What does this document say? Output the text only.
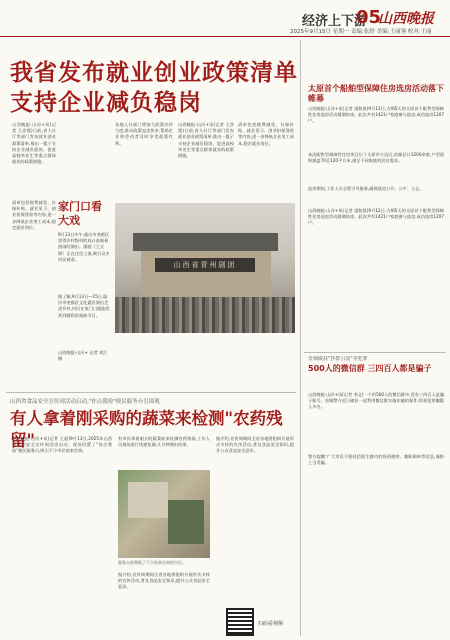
经济上下游
05
山西晚报
2025年9月15日 星期一 责编:张婷 美编:王丽翎 校对:王丽
我省发布就业创业政策清单
支持企业减负稳岗
山西晚报·山河+讯(记者 王彦霞)日前,省人社厅等部门发布就业创业政策清单,推出一揽子支持企业减负稳岗、促进高校毕业生等重点群体就业的政策措施。
清单包括税费减免、社保补贴、就业见习、创业担保贷款等内容,进一步降低企业用工成本,稳定就业岗位。
各地人社部门将加大政策宣传力度,推动政策直达快享,帮助企业和劳动者及时享受政策红利。
山西晚报·山河+讯(记者 王彦霞)日前,省人社厅等部门发布就业创业政策清单,推出一揽子支持企业减负稳岗、促进高校毕业生等重点群体就业的政策措施。
清单包括税费减免、社保补贴、就业见习、创业担保贷款等内容,进一步降低企业用工成本,稳定就业岗位。
家门口看大戏
9月13日中午,临汾市尧都区贾得乡村级村的戏台前观看热闹的演出。蒲剧《王宝钏》正在这里上演,吸引众多村民观看。
据了解,9月13日—15日,临汾市尧都区文化惠民演出走进乡村,村民在家门口就能欣赏到精彩的戏曲节目。
山西晚报·山河+ 记者 刘江摄
山西省青州剧团
太原首个船舶型保障住房选房活动落下帷幕
山西晚报·山河+讯(记者 梁如凯)9月12日,为期5天的太原首个配售型保障性住房选房活动圆满结束。此次共有1421户家庭参与选房,成功选房1207户。
本次配售型保障性住房项目位于太原市小店区,房源总计1200余套,户型面积涵盖70至120平方米,满足不同家庭的居住需求。
选房期间,工作人员全程引导服务,确保选房公开、公平、公正。
山西晚报·山河+讯(记者 梁如凯)9月12日,为期5天的太原首个配售型保障性住房选房活动圆满结束。此次共有1421户家庭参与选房,成功选房1207户。
晋城破获"抄群引流"等犯罪
500人的微信群 三四百人都是骗子
山西晚报·山河+讯(记者 李文)一个约500人的微信群中,竟有三四百人是骗子账号。晋城警方近日破获一起利用微信群实施诈骗的案件,抓获犯罪嫌疑人多名。
警方提醒:广大市民不要轻信陌生群内的投资理财、兼职刷单等信息,谨防上当受骗。
山西省食品安全宣传周活动启动,"你点我检"便民服务台引围观
有人拿着刚采购的蔬菜来检测"农药残留"
山西晚报·山河+讯(记者 王丽)9月13日,2025年山西省食品安全宣传周活动启动。现场设置了"你点我检"便民服务台,吸引不少市民前来咨询。
有市民拿着刚买的蔬菜前来检测农药残留,工作人员现场进行快速检测,几分钟便出结果。
服务台前聚集了不少前来咨询的市民。
据介绍,宣传周期间全省各地将组织开展形式多样的宣传活动,普及食品安全知识,提升公众食品安全意识。
据介绍,宣传周期间全省各地将组织开展形式多样的宣传活动,普及食品安全知识,提升公众食品安全意识。
扫码看视频
